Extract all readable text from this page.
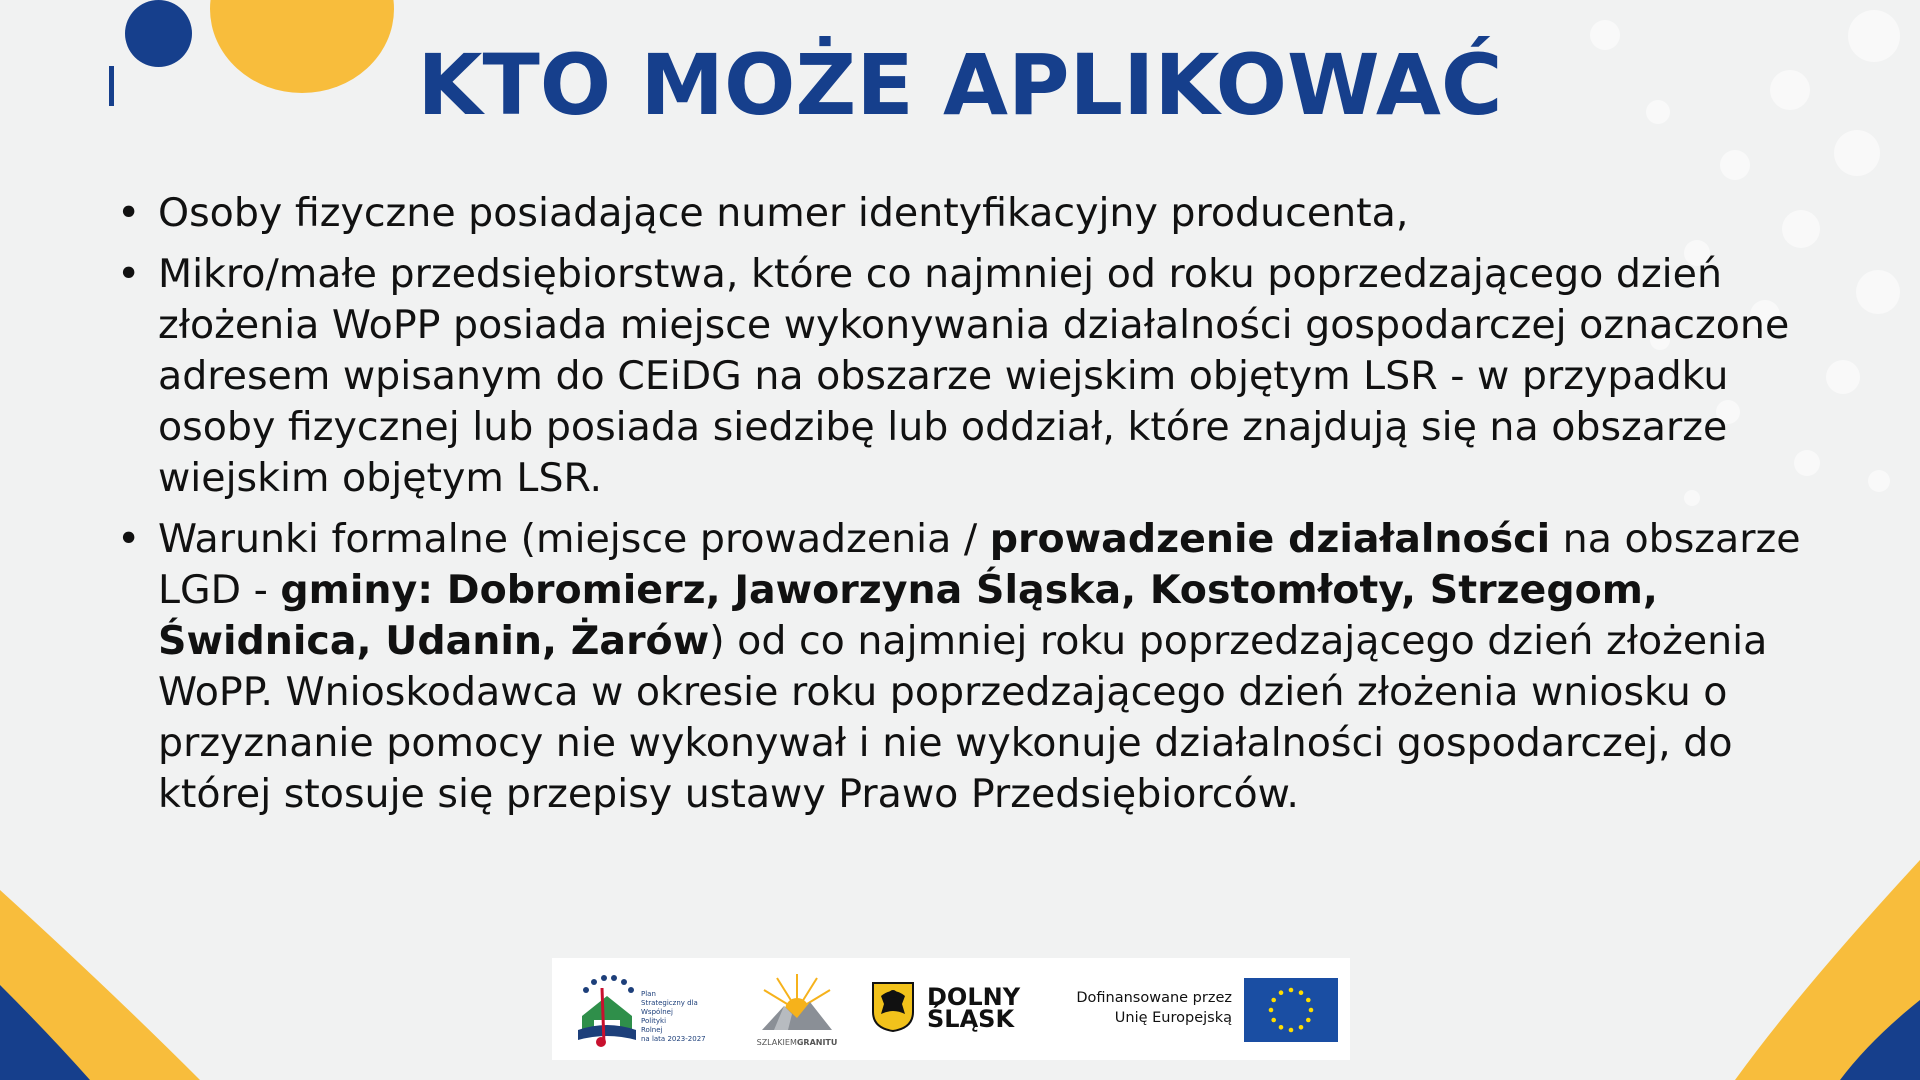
KTO MOŻE APLIKOWAĆ
• Osoby fizyczne posiadające numer identyfikacyjny producenta,
• Mikro/małe przedsiębiorstwa, które co najmniej od roku poprzedzającego dzień złożenia WoPP posiada miejsce wykonywania działalności gospodarczej oznaczone adresem wpisanym do CEiDG na obszarze wiejskim objętym LSR - w przypadku osoby fizycznej lub posiada siedzibę lub oddział, które znajdują się na obszarze wiejskim objętym LSR.
• Warunki formalne (miejsce prowadzenia / prowadzenie działalności na obszarze LGD - gminy: Dobromierz, Jaworzyna Śląska, Kostomłoty, Strzegom, Świdnica, Udanin, Żarów) od co najmniej roku poprzedzającego dzień złożenia WoPP. Wnioskodawca w okresie roku poprzedzającego dzień złożenia wniosku o przyznanie pomocy nie wykonywał i nie wykonuje działalności gospodarczej, do której stosuje się przepisy ustawy Prawo Przedsiębiorców.
Plan
Strategiczny dla
Wspólnej
Polityki
Rolnej
na lata 2023-2027	SZLAKIEMGRANITU
DOLNY
ŚLĄSK
Dofinansowane przez
Unię Europejską
